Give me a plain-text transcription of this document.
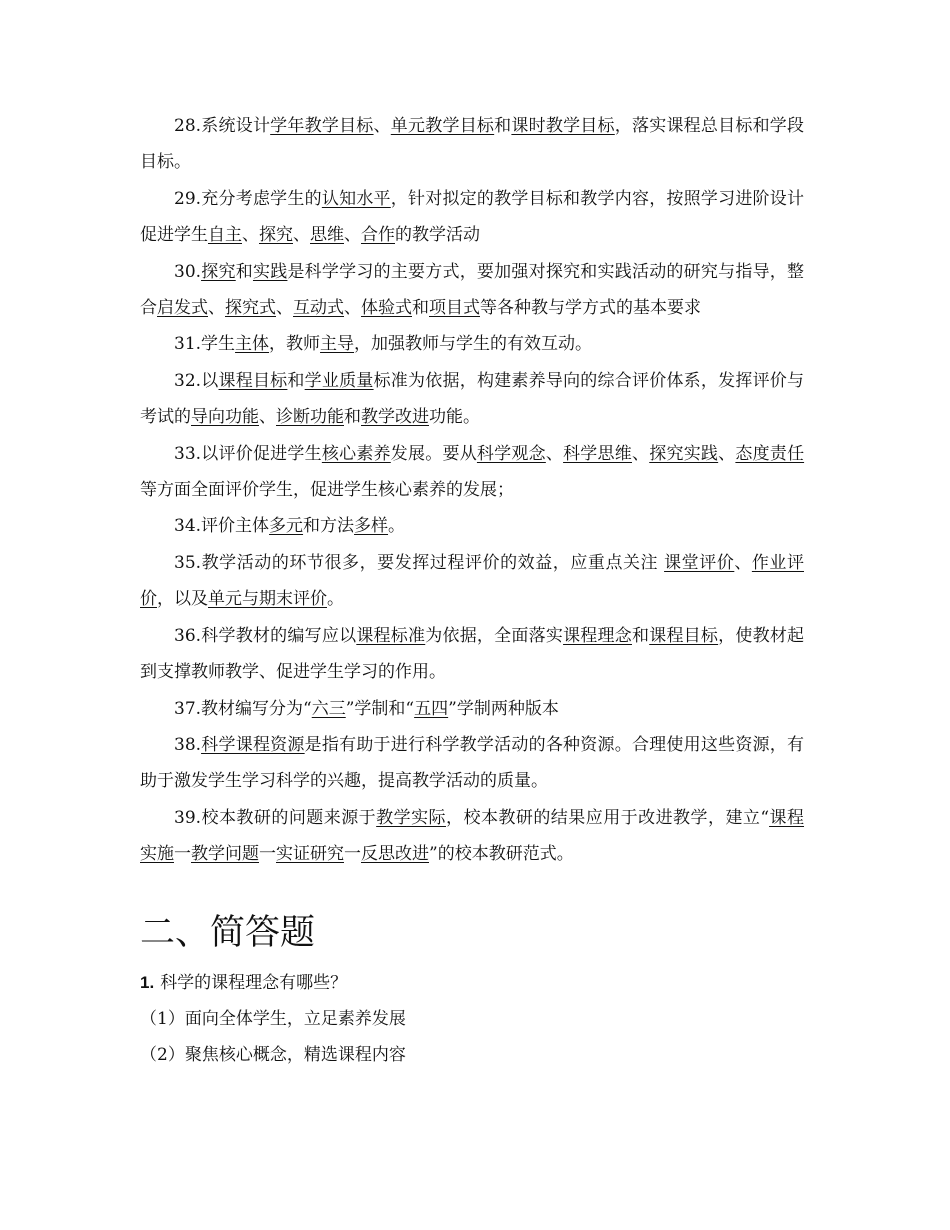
28.系统设计学年教学目标、单元教学目标和课时教学目标，落实课程总目标和学段目标。

29.充分考虑学生的认知水平，针对拟定的教学目标和教学内容，按照学习进阶设计促进学生自主、探究、思维、合作的教学活动

30.探究和实践是科学学习的主要方式，要加强对探究和实践活动的研究与指导，整合启发式、探究式、互动式、体验式和项目式等各种教与学方式的基本要求

31.学生主体，教师主导，加强教师与学生的有效互动。

32.以课程目标和学业质量标准为依据，构建素养导向的综合评价体系，发挥评价与考试的导向功能、诊断功能和教学改进功能。

33.以评价促进学生核心素养发展。要从科学观念、科学思维、探究实践、态度责任等方面全面评价学生，促进学生核心素养的发展；

34.评价主体多元和方法多样。

35.教学活动的环节很多，要发挥过程评价的效益，应重点关注 课堂评价、作业评价，以及单元与期末评价。

36.科学教材的编写应以课程标准为依据，全面落实课程理念和课程目标，使教材起到支撑教师教学、促进学生学习的作用。

37.教材编写分为“六三”学制和“五四”学制两种版本

38.科学课程资源是指有助于进行科学教学活动的各种资源。合理使用这些资源，有助于激发学生学习科学的兴趣，提高教学活动的质量。

39.校本教研的问题来源于教学实际，校本教研的结果应用于改进教学，建立“课程实施一教学问题一实证研究一反思改进”的校本教研范式。

二、简答题

1. 科学的课程理念有哪些？

（1）面向全体学生，立足素养发展

（2）聚焦核心概念，精选课程内容
